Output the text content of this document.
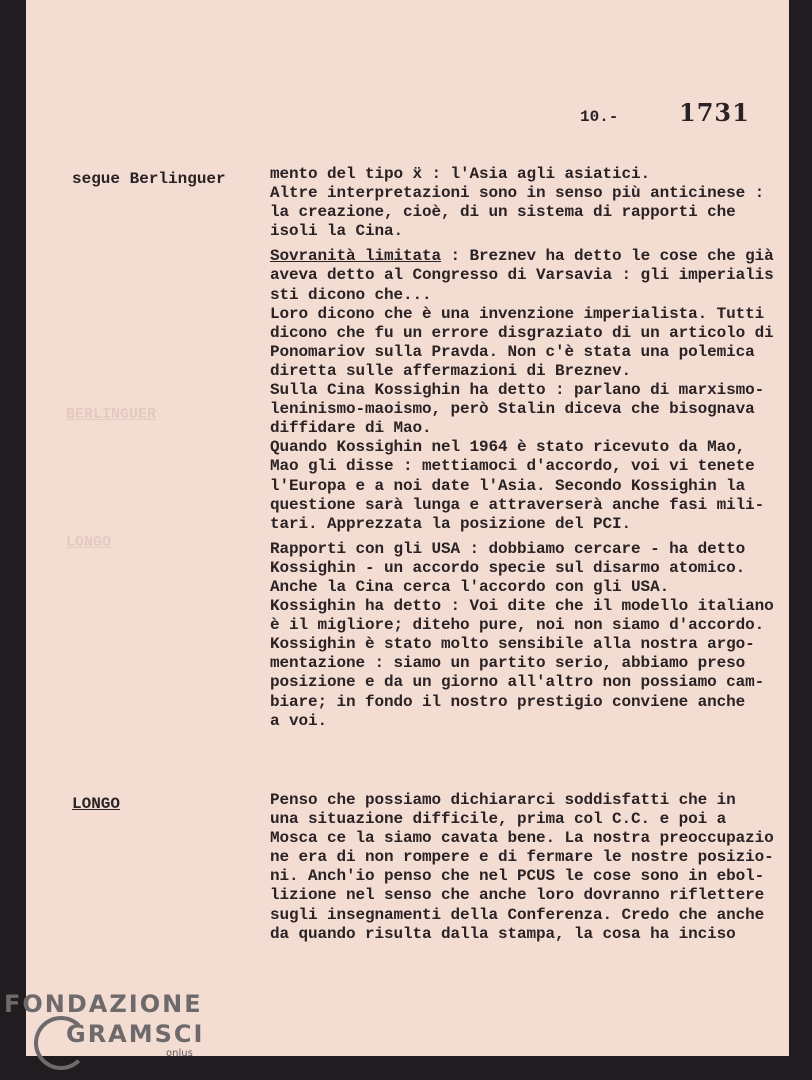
10.-	1731
BERLINGUER
LONGO
segue Berlinguer
LONGO
mento del tipo ẍ : l'Asia agli asiatici.
Altre interpretazioni sono in senso più anticinese :
la creazione, cioè, di un sistema di rapporti che
isoli la Cina.
Sovranità limitata : Breznev ha detto le cose che già
aveva detto al Congresso di Varsavia : gli imperialis
sti dicono che...
Loro dicono che è una invenzione imperialista. Tutti
dicono che fu un errore disgraziato di un articolo di
Ponomariov sulla Pravda. Non c'è stata una polemica
diretta sulle affermazioni di Breznev.
Sulla Cina Kossighin ha detto : parlano di marxismo-
leninismo-maoismo, però Stalin diceva che bisognava
diffidare di Mao.
Quando Kossighin nel 1964 è stato ricevuto da Mao,
Mao gli disse : mettiamoci d'accordo, voi vi tenete
l'Europa e a noi date l'Asia. Secondo Kossighin la
questione sarà lunga e attraverserà anche fasi mili-
tari. Apprezzata la posizione del PCI.
Rapporti con gli USA : dobbiamo cercare - ha detto
Kossighin - un accordo specie sul disarmo atomico.
Anche la Cina cerca l'accordo con gli USA.
Kossighin ha detto : Voi dite che il modello italiano
è il migliore; diteho pure, noi non siamo d'accordo.
Kossighin è stato molto sensibile alla nostra argo-
mentazione : siamo un partito serio, abbiamo preso
posizione e da un giorno all'altro non possiamo cam-
biare; in fondo il nostro prestigio conviene anche
a voi.
Penso che possiamo dichiararci soddisfatti che in
una situazione difficile, prima col C.C. e poi a
Mosca ce la siamo cavata bene. La nostra preoccupazio
ne era di non rompere e di fermare le nostre posizio-
ni. Anch'io penso che nel PCUS le cose sono in ebol-
lizione nel senso che anche loro dovranno riflettere
sugli insegnamenti della Conferenza. Credo che anche
da quando risulta dalla stampa, la cosa ha inciso
FONDAZIONE
GRAMSCI
onlus
